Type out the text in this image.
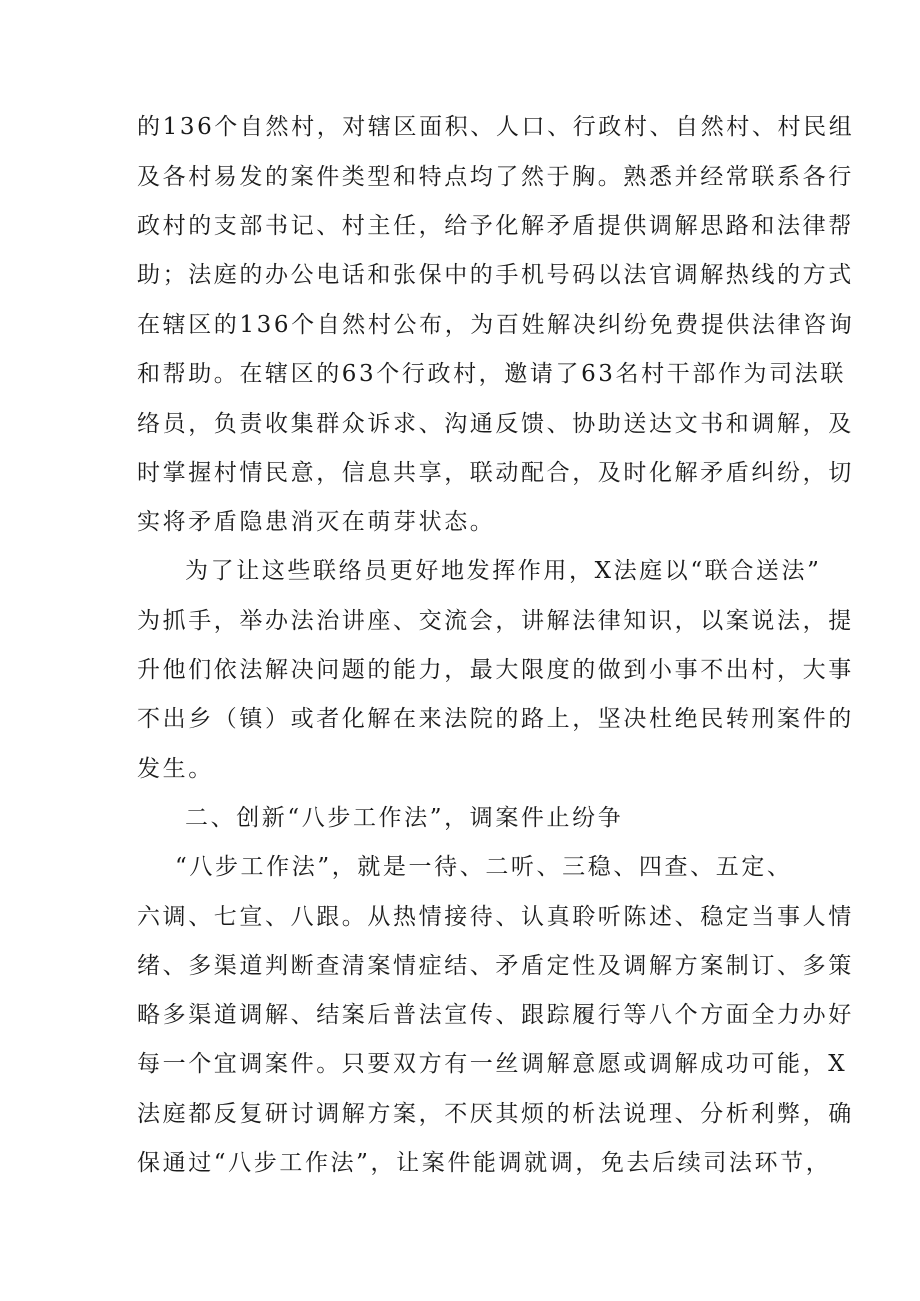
的136个自然村，对辖区面积、人口、行政村、自然村、村民组

及各村易发的案件类型和特点均了然于胸。熟悉并经常联系各行

政村的支部书记、村主任，给予化解矛盾提供调解思路和法律帮

助；法庭的办公电话和张保中的手机号码以法官调解热线的方式

在辖区的136个自然村公布，为百姓解决纠纷免费提供法律咨询

和帮助。在辖区的63个行政村，邀请了63名村干部作为司法联

络员，负责收集群众诉求、沟通反馈、协助送达文书和调解，及

时掌握村情民意，信息共享，联动配合，及时化解矛盾纠纷，切

实将矛盾隐患消灭在萌芽状态。

为了让这些联络员更好地发挥作用，X法庭以“联合送法”

为抓手，举办法治讲座、交流会，讲解法律知识，以案说法，提

升他们依法解决问题的能力，最大限度的做到小事不出村，大事

不出乡（镇）或者化解在来法院的路上，坚决杜绝民转刑案件的

发生。

二、创新“八步工作法”，调案件止纷争

“八步工作法”，就是一待、二听、三稳、四查、五定、

六调、七宣、八跟。从热情接待、认真聆听陈述、稳定当事人情

绪、多渠道判断查清案情症结、矛盾定性及调解方案制订、多策

略多渠道调解、结案后普法宣传、跟踪履行等八个方面全力办好

每一个宜调案件。只要双方有一丝调解意愿或调解成功可能，X

法庭都反复研讨调解方案，不厌其烦的析法说理、分析利弊，确

保通过“八步工作法”，让案件能调就调，免去后续司法环节，
